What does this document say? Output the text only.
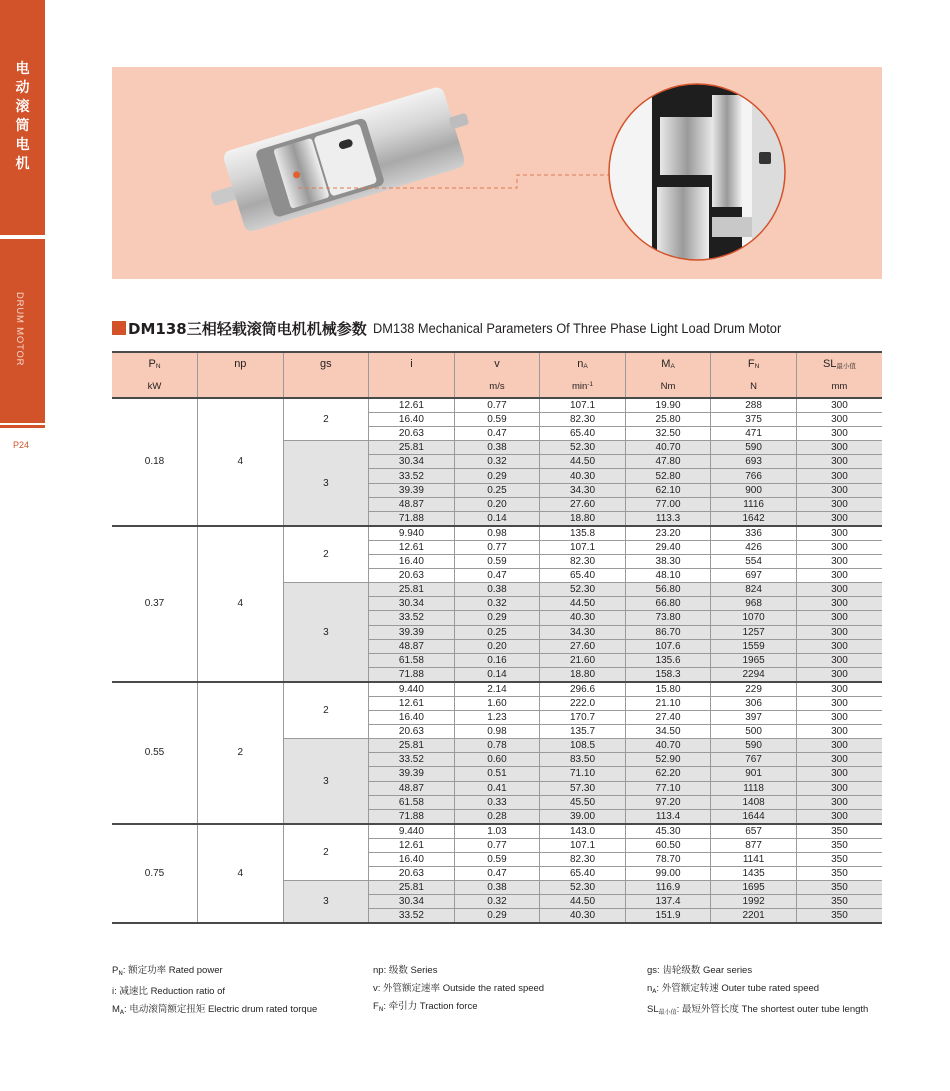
电
动
滚
筒
电
机
DRUM MOTOR
P24
DM138三相轻载滚筒电机机械参数 DM138 Mechanical Parameters Of Three Phase Light Load Drum Motor
$P_N$	np	gs	i	v	$n_A$	$M_A$	$F_N$	$SL_{最小值}$
kW				m/s	$\min^{-1}$	Nm	N	mm
0.18	4	2	12.61	0.77	107.1	19.90	288	300
			16.40	0.59	82.30	25.80	375	300
			20.63	0.47	65.40	32.50	471	300
		3	25.81	0.38	52.30	40.70	590	300
			30.34	0.32	44.50	47.80	693	300
			33.52	0.29	40.30	52.80	766	300
			39.39	0.25	34.30	62.10	900	300
			48.87	0.20	27.60	77.00	1116	300
			71.88	0.14	18.80	113.3	1642	300
0.37	4	2	9.940	0.98	135.8	23.20	336	300
			12.61	0.77	107.1	29.40	426	300
			16.40	0.59	82.30	38.30	554	300
			20.63	0.47	65.40	48.10	697	300
		3	25.81	0.38	52.30	56.80	824	300
			30.34	0.32	44.50	66.80	968	300
			33.52	0.29	40.30	73.80	1070	300
			39.39	0.25	34.30	86.70	1257	300
			48.87	0.20	27.60	107.6	1559	300
			61.58	0.16	21.60	135.6	1965	300
			71.88	0.14	18.80	158.3	2294	300
0.55	2	2	9.440	2.14	296.6	15.80	229	300
			12.61	1.60	222.0	21.10	306	300
			16.40	1.23	170.7	27.40	397	300
			20.63	0.98	135.7	34.50	500	300
		3	25.81	0.78	108.5	40.70	590	300
			33.52	0.60	83.50	52.90	767	300
			39.39	0.51	71.10	62.20	901	300
			48.87	0.41	57.30	77.10	1118	300
			61.58	0.33	45.50	97.20	1408	300
			71.88	0.28	39.00	113.4	1644	300
0.75	4	2	9.440	1.03	143.0	45.30	657	350
			12.61	0.77	107.1	60.50	877	350
			16.40	0.59	82.30	78.70	1141	350
			20.63	0.47	65.40	99.00	1435	350
		3	25.81	0.38	52.30	116.9	1695	350
			30.34	0.32	44.50	137.4	1992	350
			33.52	0.29	40.30	151.9	2201	350
$P_N$: 额定功率 Rated power
i: 减速比 Reduction ratio of
$M_A$: 电动滚筒额定扭矩 Electric drum rated torque
np: 级数 Series
v: 外管额定速率 Outside the rated speed
$F_N$: 牵引力 Traction force
gs: 齿轮级数 Gear series
$n_A$: 外管额定转速 Outer tube rated speed
$SL_{最小值}$: 最短外管长度 The shortest outer tube length
